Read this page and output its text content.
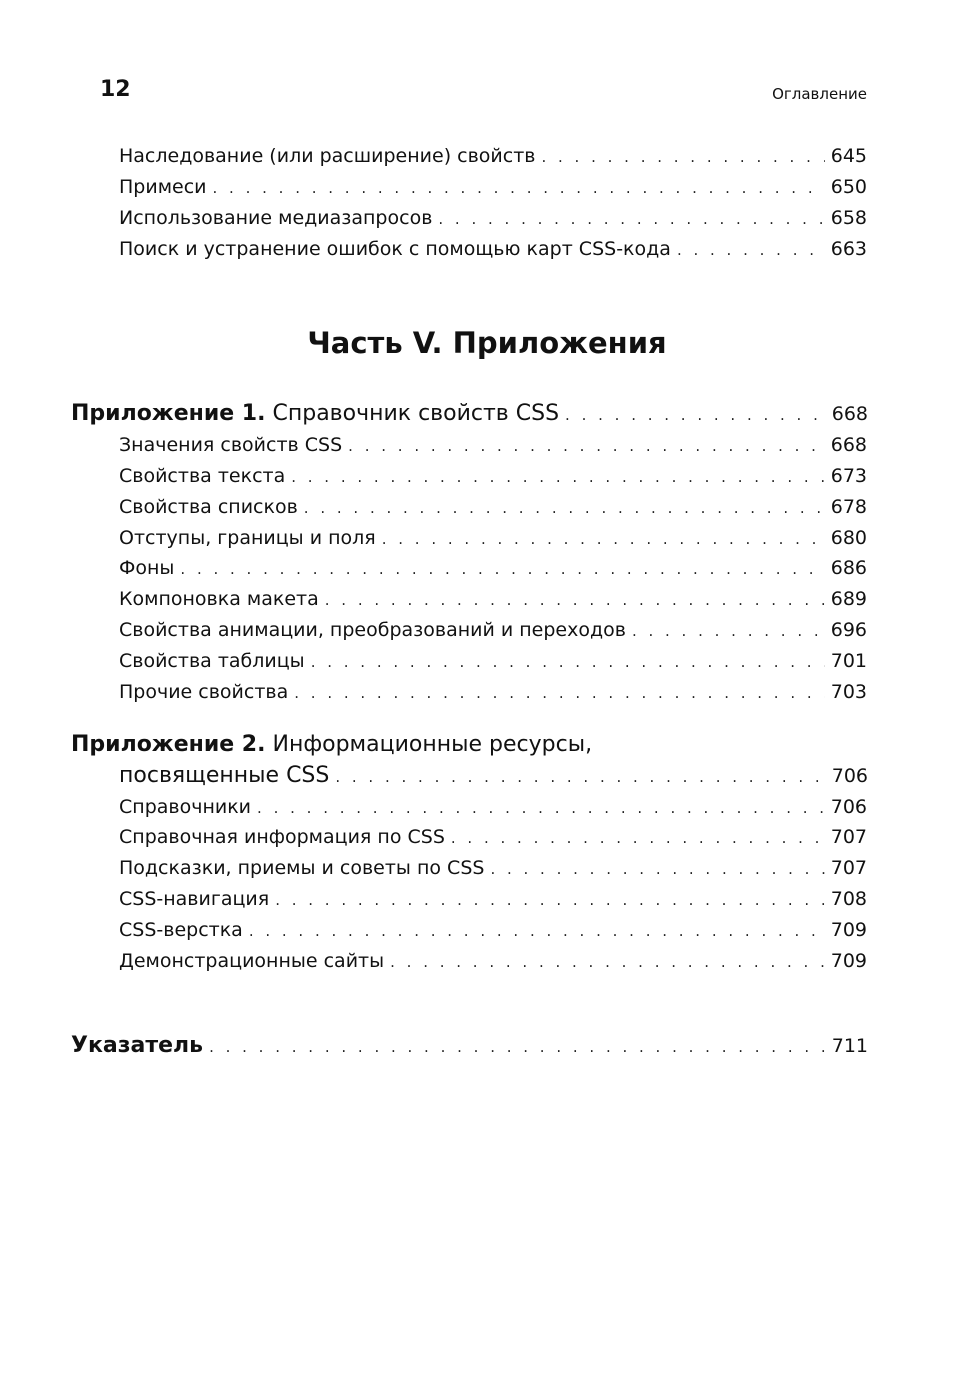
12	Оглавление
Наследование (или расширение) свойств . . .	645
Примеси . . .	650
Использование медиазапросов . . .	658
Поиск и устранение ошибок с помощью карт CSS-кода . . .	663
Часть V. Приложения
Приложение 1. Справочник свойств CSS . . .	668
Значения свойств CSS . . .	668
Свойства текста . . .	673
Свойства списков . . .	678
Отступы, границы и поля . . .	680
Фоны . . .	686
Компоновка макета . . .	689
Свойства анимации, преобразований и переходов . . .	696
Свойства таблицы . . .	701
Прочие свойства . . .	703
Приложение 2. Информационные ресурсы,
посвященные CSS . . .	706
Справочники . . .	706
Справочная информация по CSS . . .	707
Подсказки, приемы и советы по CSS . . .	707
CSS-навигация . . .	708
CSS-верстка . . .	709
Демонстрационные сайты . . .	709
Указатель . . .	711
